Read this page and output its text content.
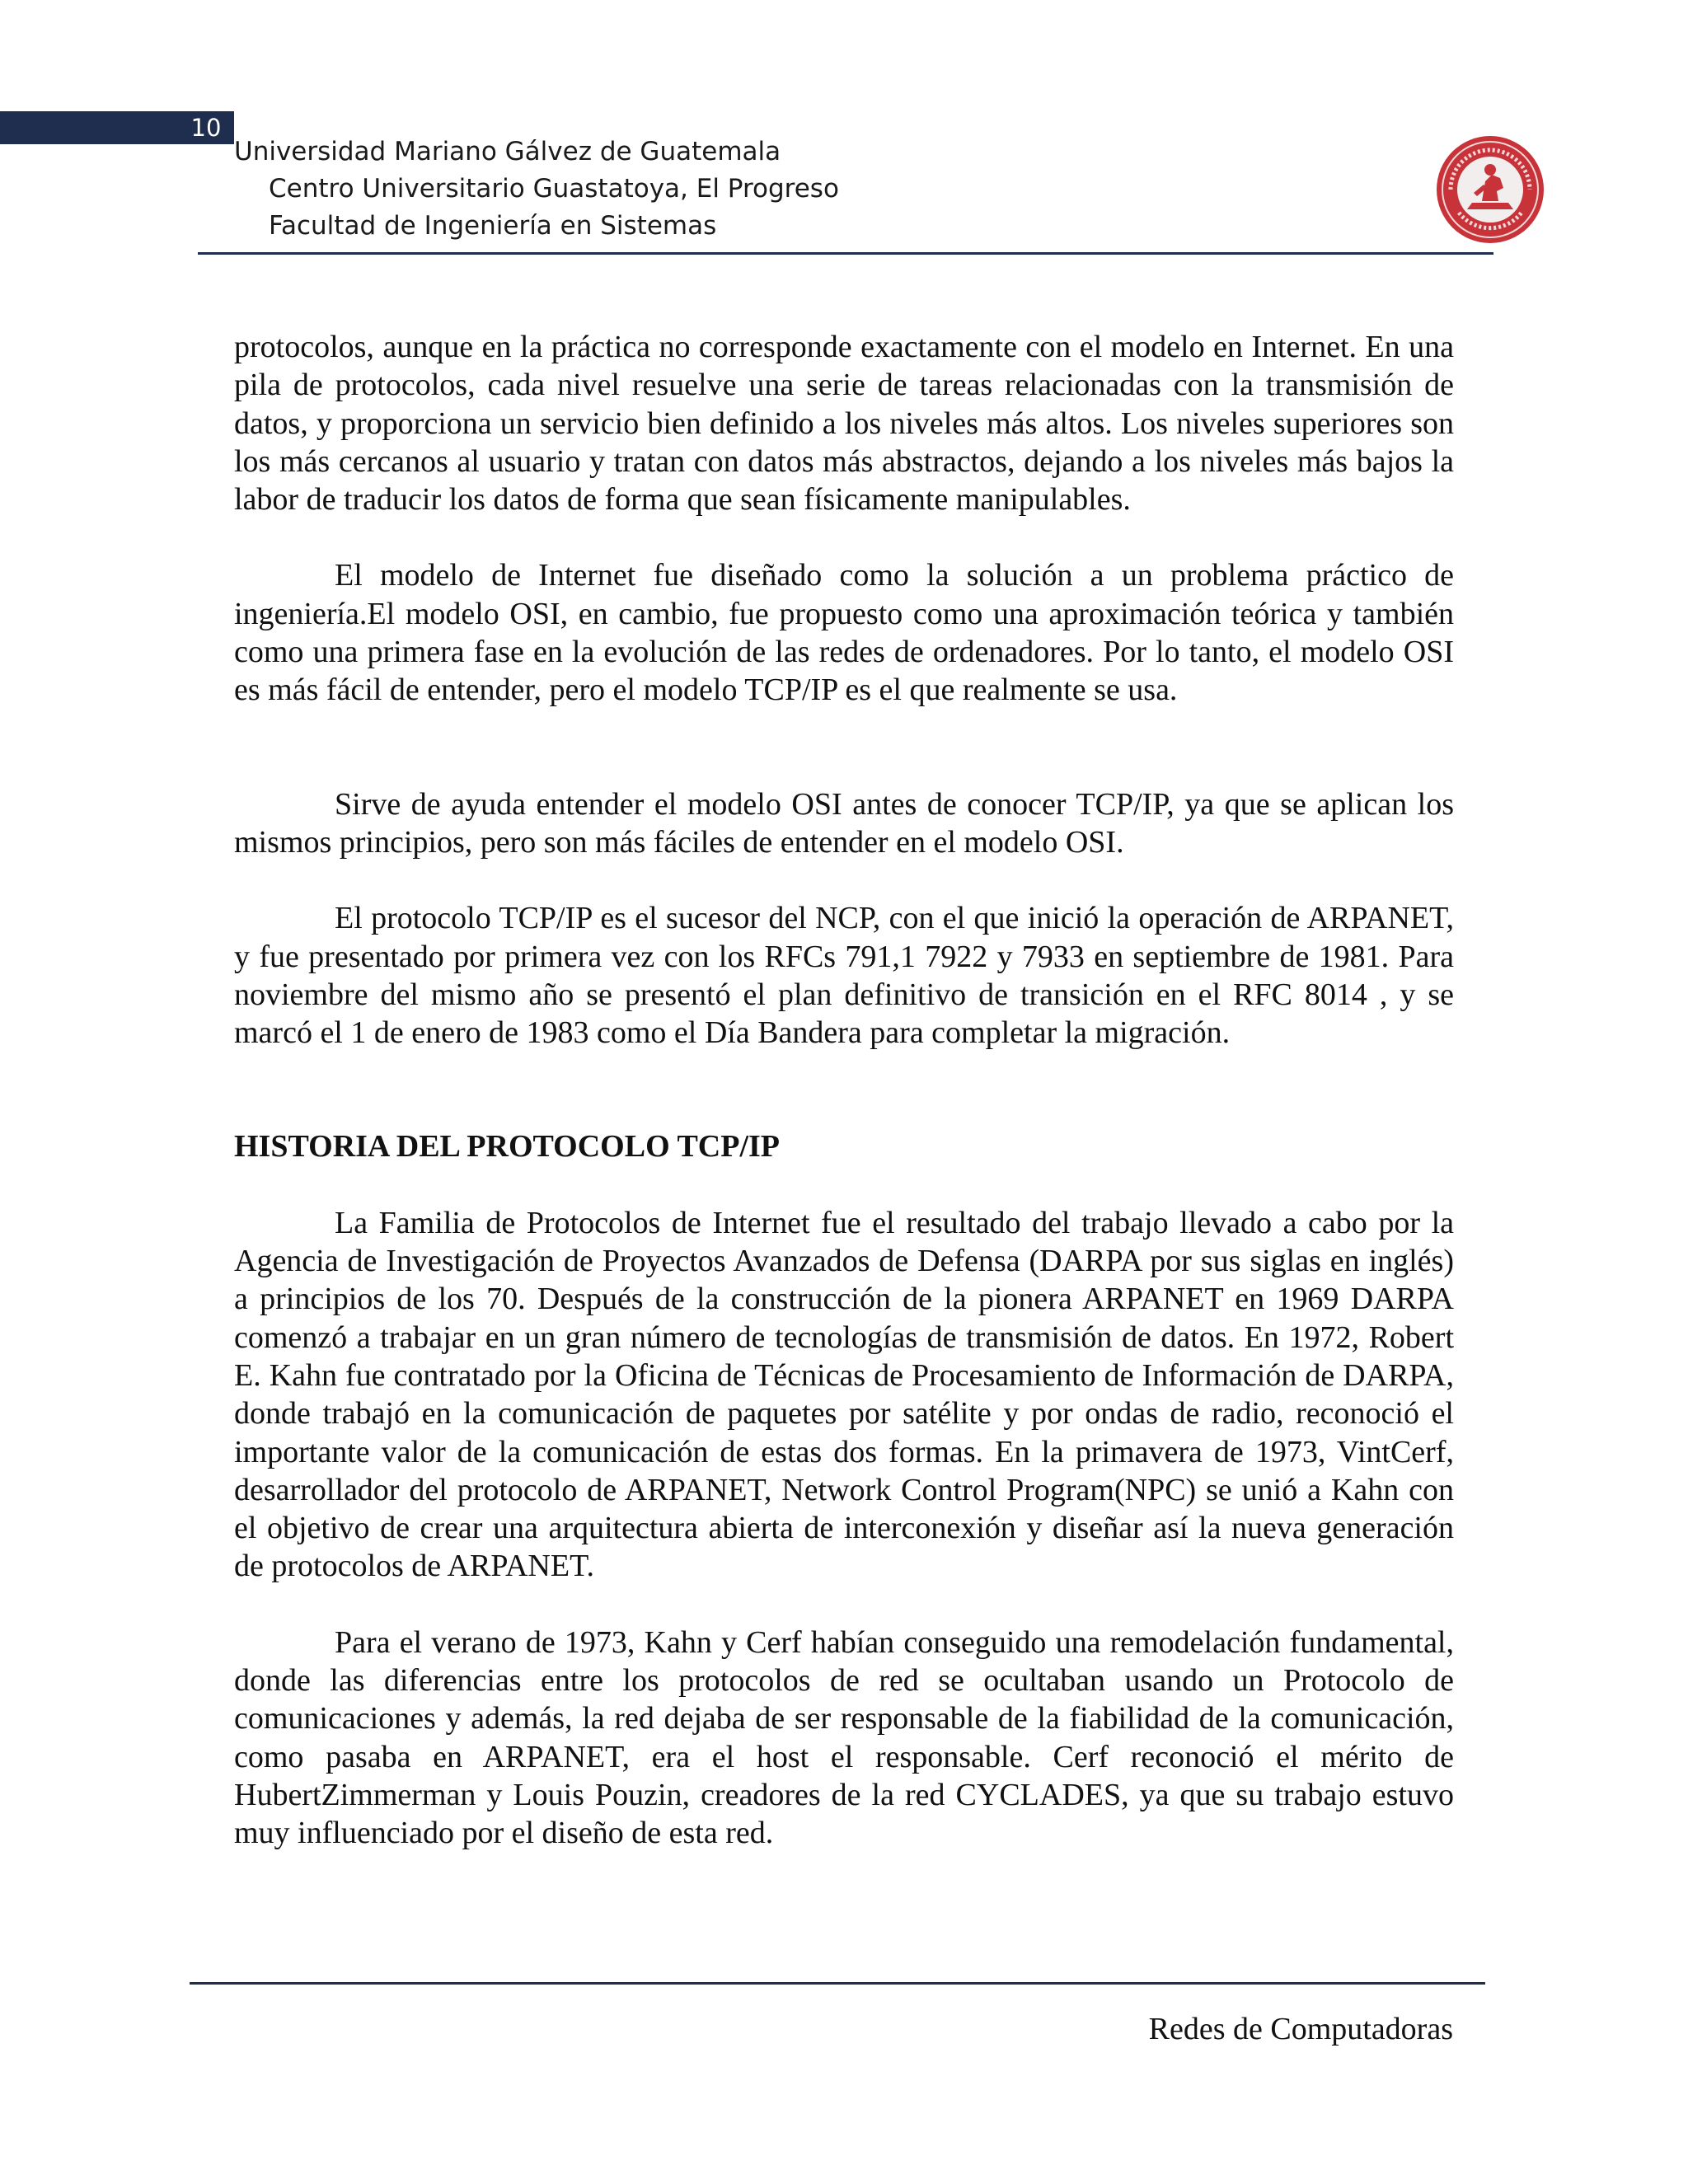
10
Universidad Mariano Gálvez de Guatemala
Centro Universitario Guastatoya, El Progreso
Facultad de Ingeniería en Sistemas

protocolos, aunque en la práctica no corresponde exactamente con el modelo en Internet. En una pila de protocolos, cada nivel resuelve una serie de tareas relacionadas con la transmisión de datos, y proporciona un servicio bien definido a los niveles más altos. Los niveles superiores son los más cercanos al usuario y tratan con datos más abstractos, dejando a los niveles más bajos la labor de traducir los datos de forma que sean físicamente manipulables.

El modelo de Internet fue diseñado como la solución a un problema práctico de ingeniería.El modelo OSI, en cambio, fue propuesto como una aproximación teórica y también como una primera fase en la evolución de las redes de ordenadores. Por lo tanto, el modelo OSI es más fácil de entender, pero el modelo TCP/IP es el que realmente se usa.

Sirve de ayuda entender el modelo OSI antes de conocer TCP/IP, ya que se aplican los mismos principios, pero son más fáciles de entender en el modelo OSI.

El protocolo TCP/IP es el sucesor del NCP, con el que inició la operación de ARPANET, y fue presentado por primera vez con los RFCs 791,1 7922 y 7933 en septiembre de 1981. Para noviembre del mismo año se presentó el plan definitivo de transición en el RFC 8014 , y se marcó el 1 de enero de 1983 como el Día Bandera para completar la migración.

HISTORIA DEL PROTOCOLO TCP/IP

La Familia de Protocolos de Internet fue el resultado del trabajo llevado a cabo por la Agencia de Investigación de Proyectos Avanzados de Defensa (DARPA por sus siglas en inglés) a principios de los 70. Después de la construcción de la pionera ARPANET en 1969 DARPA comenzó a trabajar en un gran número de tecnologías de transmisión de datos. En 1972, Robert E. Kahn fue contratado por la Oficina de Técnicas de Procesamiento de Información de DARPA, donde trabajó en la comunicación de paquetes por satélite y por ondas de radio, reconoció el importante valor de la comunicación de estas dos formas. En la primavera de 1973, VintCerf, desarrollador del protocolo de ARPANET, Network Control Program(NPC) se unió a Kahn con el objetivo de crear una arquitectura abierta de interconexión y diseñar así la nueva generación de protocolos de ARPANET.

Para el verano de 1973, Kahn y Cerf habían conseguido una remodelación fundamental, donde las diferencias entre los protocolos de red se ocultaban usando un Protocolo de comunicaciones y además, la red dejaba de ser responsable de la fiabilidad de la comunicación, como pasaba en ARPANET, era el host el responsable. Cerf reconoció el mérito de HubertZimmerman y Louis Pouzin, creadores de la red CYCLADES, ya que su trabajo estuvo muy influenciado por el diseño de esta red.

Redes de Computadoras
